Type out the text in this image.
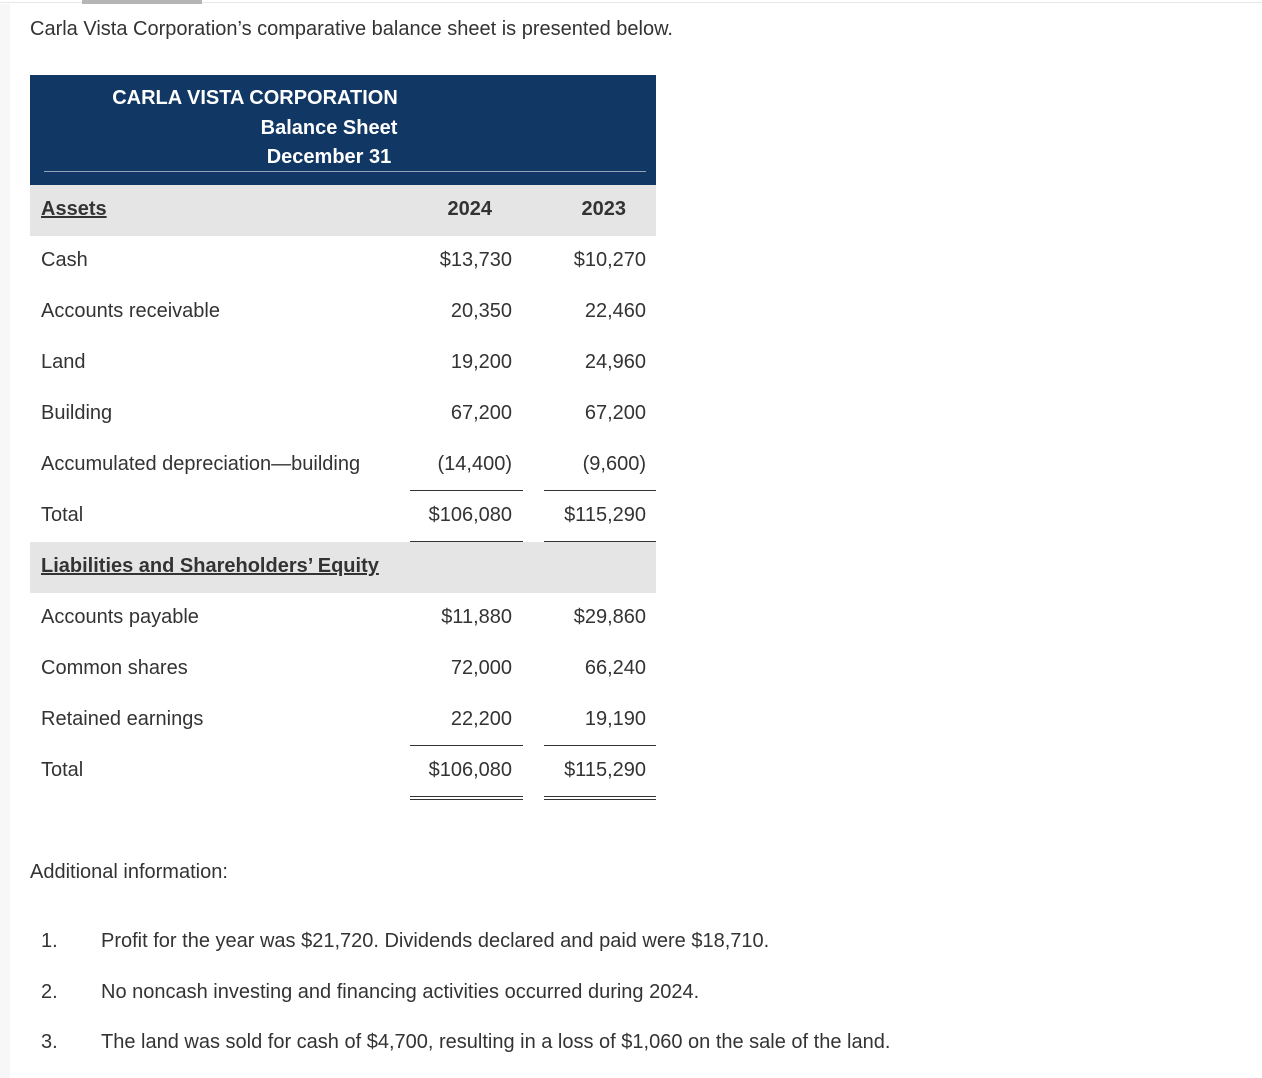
Carla Vista Corporation’s comparative balance sheet is presented below.
CARLA VISTA CORPORATION
Balance Sheet
December 31
Assets	2024	2023
Cash	$13,730	$10,270
Accounts receivable	20,350	22,460
Land	19,200	24,960
Building	67,200	67,200
Accumulated depreciation—building	(14,400)	(9,600)
Total	$106,080	$115,290
Liabilities and Shareholders’ Equity
Accounts payable	$11,880	$29,860
Common shares	72,000	66,240
Retained earnings	22,200	19,190
Total	$106,080	$115,290
Additional information:
1. Profit for the year was $21,720. Dividends declared and paid were $18,710.
2. No noncash investing and financing activities occurred during 2024.
3. The land was sold for cash of $4,700, resulting in a loss of $1,060 on the sale of the land.
